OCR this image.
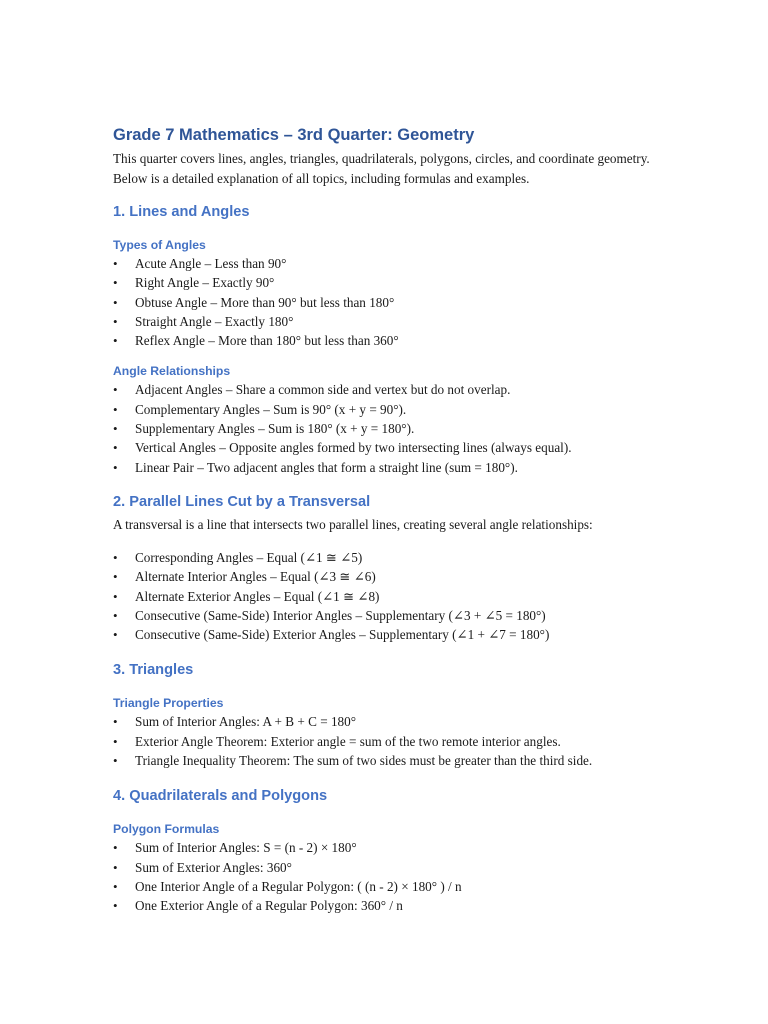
Grade 7 Mathematics – 3rd Quarter: Geometry

This quarter covers lines, angles, triangles, quadrilaterals, polygons, circles, and coordinate geometry. Below is a detailed explanation of all topics, including formulas and examples.

1. Lines and Angles
Types of Angles
• Acute Angle – Less than 90°
• Right Angle – Exactly 90°
• Obtuse Angle – More than 90° but less than 180°
• Straight Angle – Exactly 180°
• Reflex Angle – More than 180° but less than 360°
Angle Relationships
• Adjacent Angles – Share a common side and vertex but do not overlap.
• Complementary Angles – Sum is 90° (x + y = 90°).
• Supplementary Angles – Sum is 180° (x + y = 180°).
• Vertical Angles – Opposite angles formed by two intersecting lines (always equal).
• Linear Pair – Two adjacent angles that form a straight line (sum = 180°).
2. Parallel Lines Cut by a Transversal

A transversal is a line that intersects two parallel lines, creating several angle relationships:

• Corresponding Angles – Equal (∠1 ≅ ∠5)
• Alternate Interior Angles – Equal (∠3 ≅ ∠6)
• Alternate Exterior Angles – Equal (∠1 ≅ ∠8)
• Consecutive (Same-Side) Interior Angles – Supplementary (∠3 + ∠5 = 180°)
• Consecutive (Same-Side) Exterior Angles – Supplementary (∠1 + ∠7 = 180°)
3. Triangles
Triangle Properties
• Sum of Interior Angles: A + B + C = 180°
• Exterior Angle Theorem: Exterior angle = sum of the two remote interior angles.
• Triangle Inequality Theorem: The sum of two sides must be greater than the third side.
4. Quadrilaterals and Polygons
Polygon Formulas
• Sum of Interior Angles: S = (n - 2) × 180°
• Sum of Exterior Angles: 360°
• One Interior Angle of a Regular Polygon: ( (n - 2) × 180° ) / n
• One Exterior Angle of a Regular Polygon: 360° / n
